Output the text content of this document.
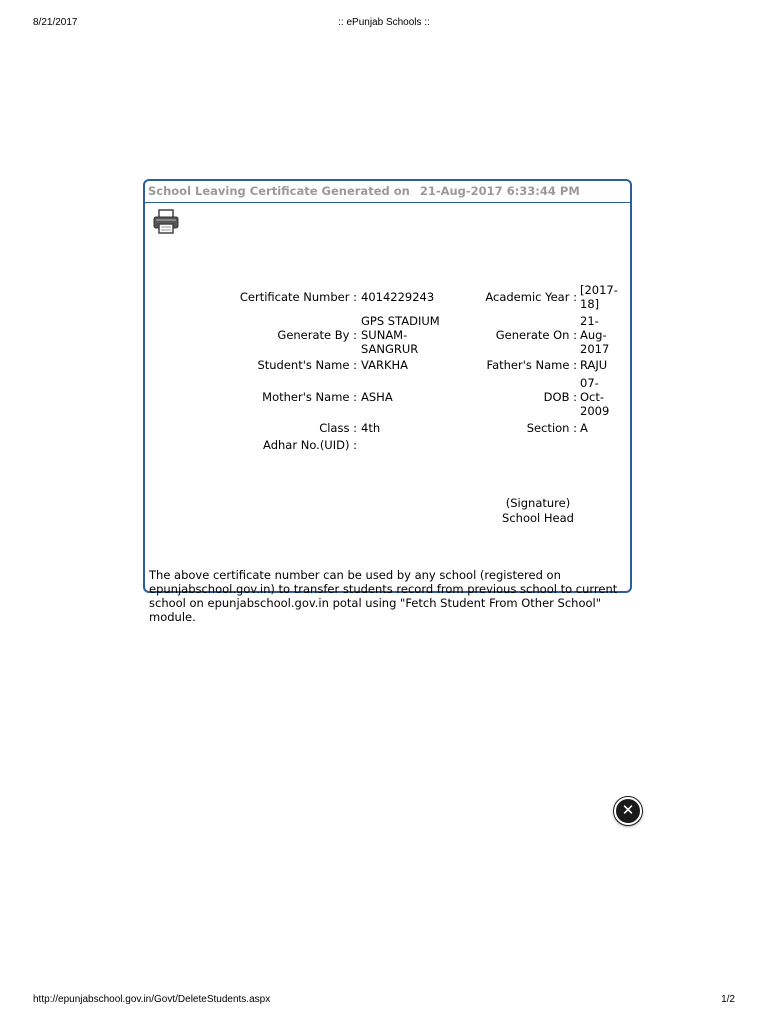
8/21/2017	:: ePunjab Schools ::
School Leaving Certificate Generated on 21-Aug-2017 6:33:44 PM
Certificate Number : 4014229243	Academic Year : [2017-18]
Generate By :
GPS STADIUM SUNAM-SANGRUR
Generate On :
21-Aug-2017
Student's Name : VARKHA	Father's Name : RAJU
Mother's Name : ASHA	DOB :
07-Oct-2009
Class : 4th	Section : A
Adhar No.(UID) :
(Signature)
School Head
The above certificate number can be used by any school (registered on epunjabschool.gov.in) to transfer students record from previous school to current school on epunjabschool.gov.in potal using "Fetch Student From Other School" module.
✕
http://epunjabschool.gov.in/Govt/DeleteStudents.aspx	1/2
